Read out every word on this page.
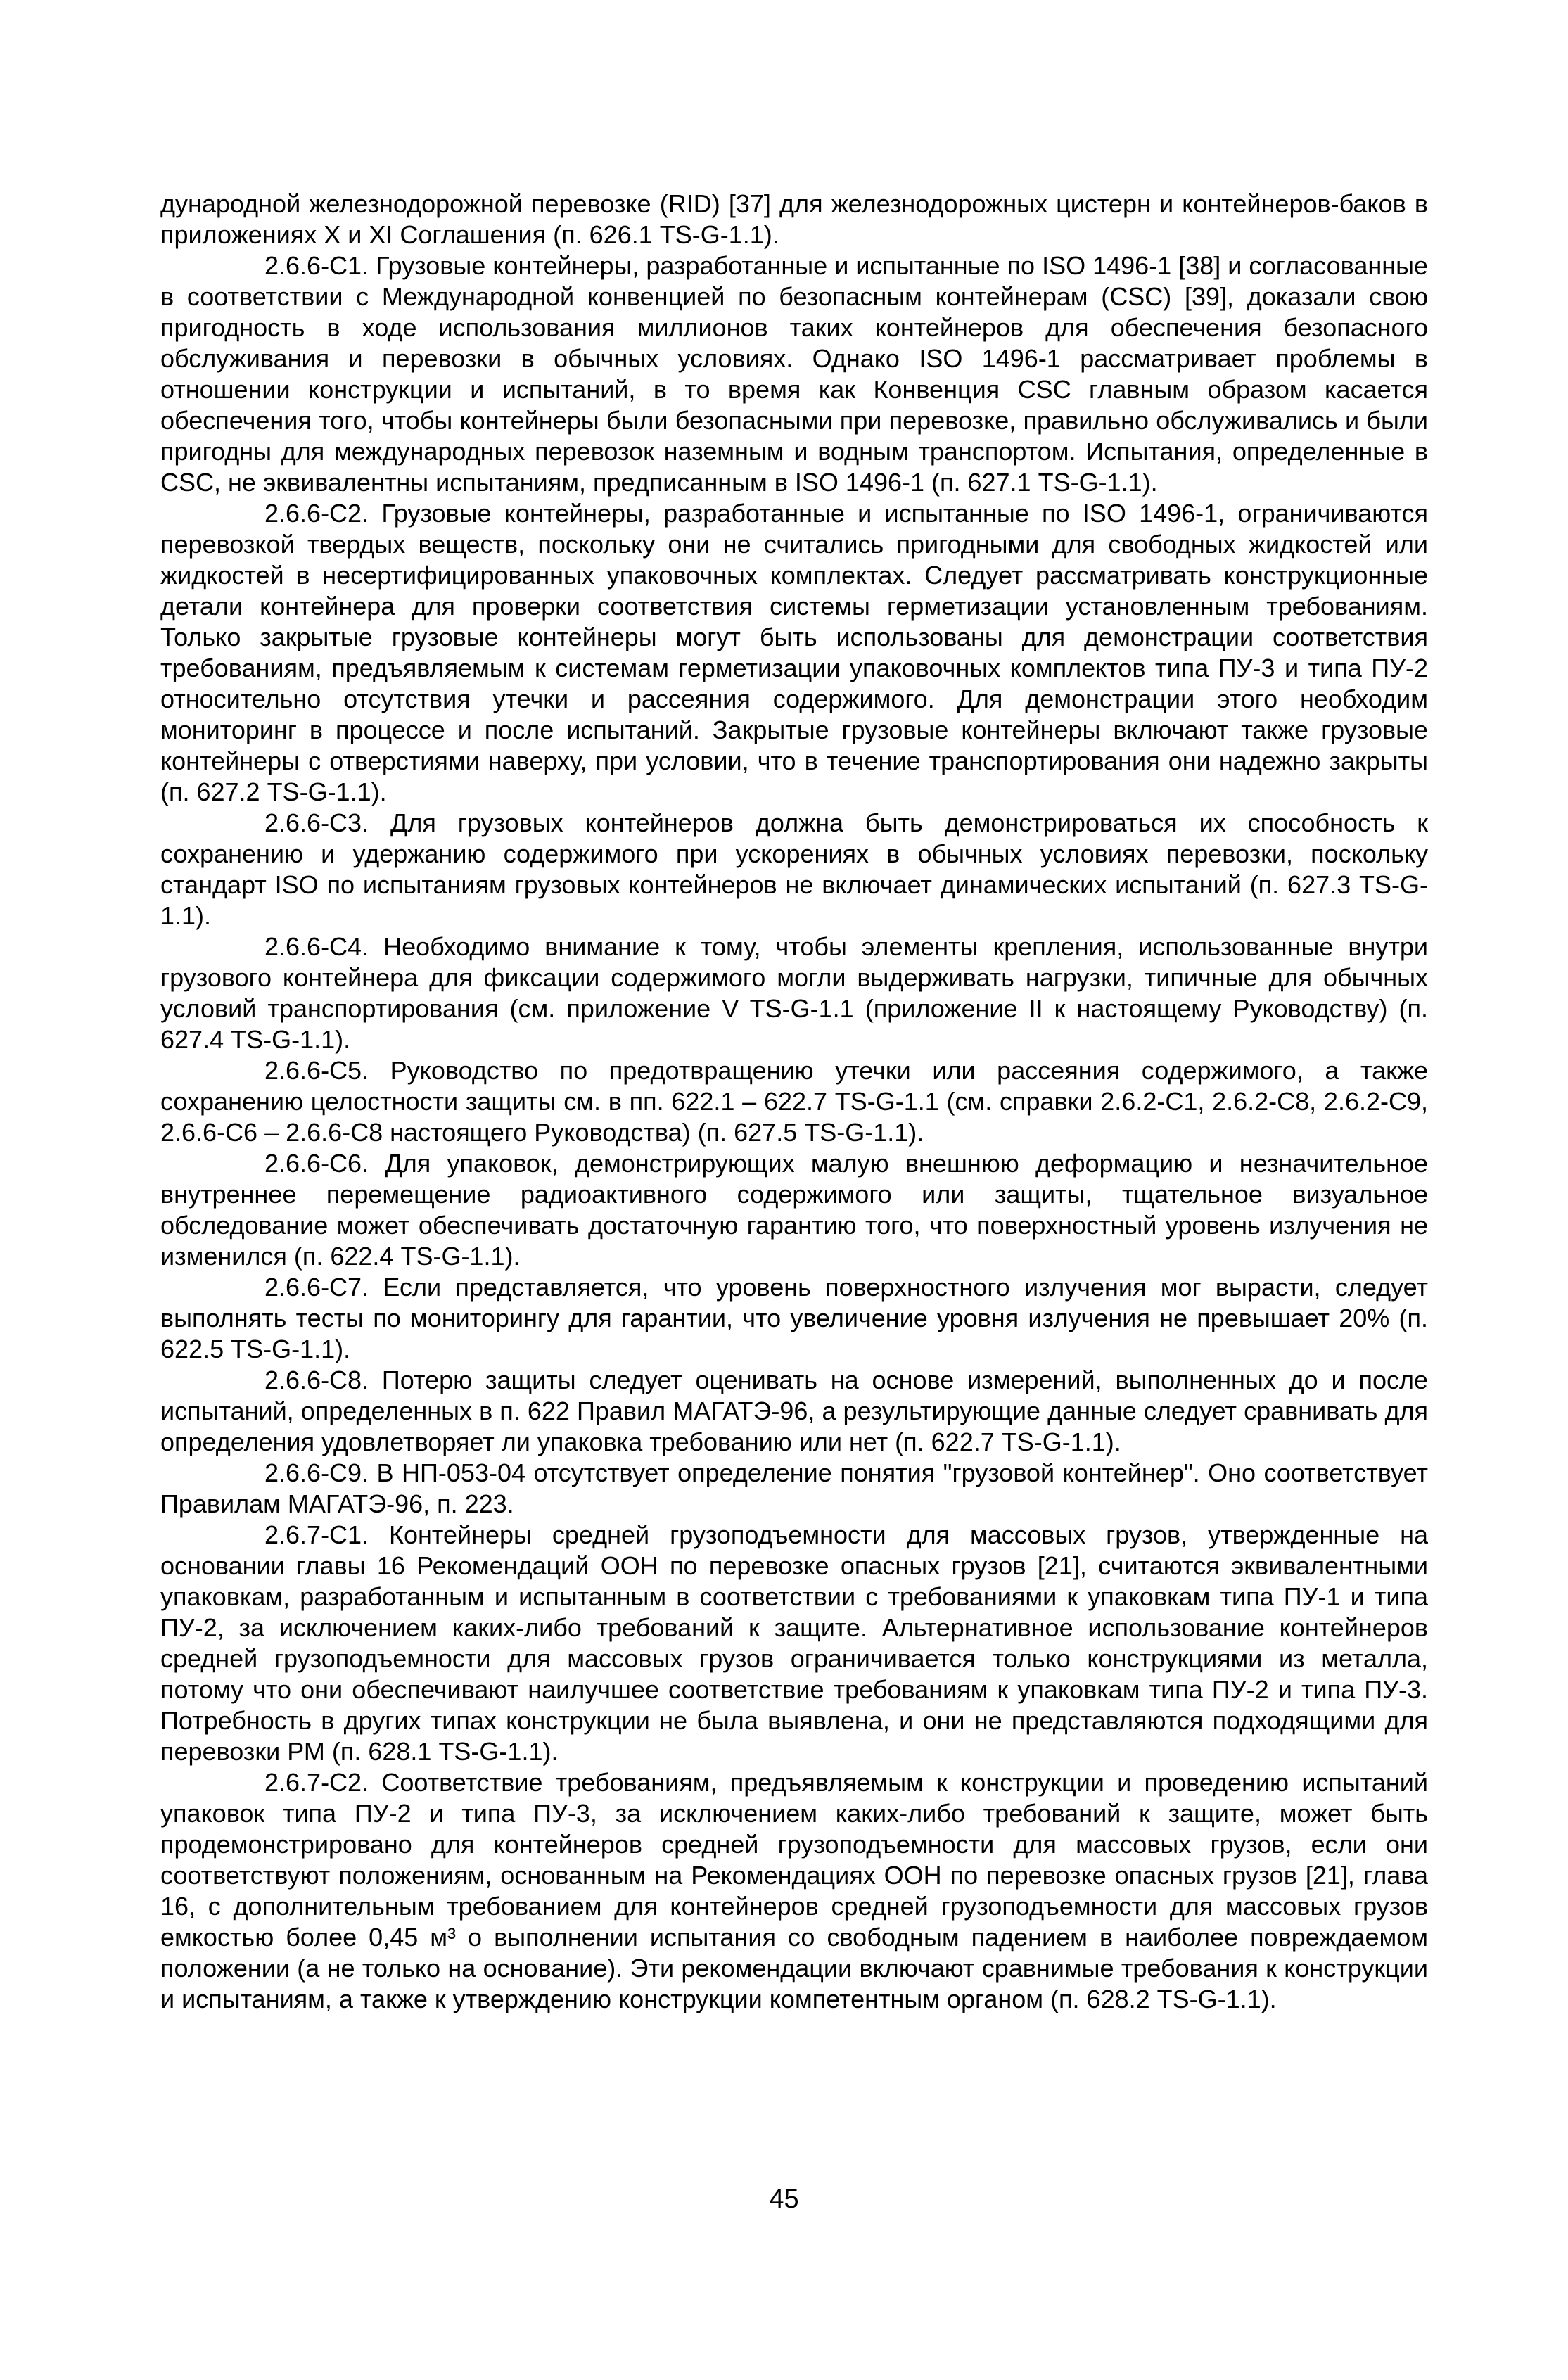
дународной железнодорожной перевозке (RID) [37] для железнодорожных цистерн и контейнеров-баков в приложениях X и XI Соглашения (п. 626.1 TS-G-1.1).

2.6.6-С1. Грузовые контейнеры, разработанные и испытанные по ISO 1496-1 [38] и согласованные в соответствии с Международной конвенцией по безопасным контейнерам (CSC) [39], доказали свою пригодность в ходе использования миллионов таких контейнеров для обеспечения безопасного обслуживания и перевозки в обычных условиях. Однако ISO 1496-1 рассматривает проблемы в отношении конструкции и испытаний, в то время как Конвенция CSC главным образом касается обеспечения того, чтобы контейнеры были безопасными при перевозке, правильно обслуживались и были пригодны для международных перевозок наземным и водным транспортом. Испытания, определенные в CSC, не эквивалентны испытаниям, предписанным в ISO 1496-1 (п. 627.1 TS-G-1.1).

2.6.6-С2. Грузовые контейнеры, разработанные и испытанные по ISO 1496-1, ограничиваются перевозкой твердых веществ, поскольку они не считались пригодными для свободных жидкостей или жидкостей в несертифицированных упаковочных комплектах. Следует рассматривать конструкционные детали контейнера для проверки соответствия системы герметизации установленным требованиям. Только закрытые грузовые контейнеры могут быть использованы для демонстрации соответствия требованиям, предъявляемым к системам герметизации упаковочных комплектов типа ПУ-3 и типа ПУ-2 относительно отсутствия утечки и рассеяния содержимого. Для демонстрации этого необходим мониторинг в процессе и после испытаний. Закрытые грузовые контейнеры включают также грузовые контейнеры с отверстиями наверху, при условии, что в течение транспортирования они надежно закрыты (п. 627.2 TS-G-1.1).

2.6.6-С3. Для грузовых контейнеров должна быть демонстрироваться их способность к сохранению и удержанию содержимого при ускорениях в обычных условиях перевозки, поскольку стандарт ISO по испытаниям грузовых контейнеров не включает динамических испытаний (п. 627.3 TS-G-1.1).

2.6.6-С4. Необходимо внимание к тому, чтобы элементы крепления, использованные внутри грузового контейнера для фиксации содержимого могли выдерживать нагрузки, типичные для обычных условий транспортирования (см. приложение V TS-G-1.1 (приложение II к настоящему Руководству) (п. 627.4 TS-G-1.1).

2.6.6-С5. Руководство по предотвращению утечки или рассеяния содержимого, а также сохранению целостности защиты см. в пп. 622.1 – 622.7 TS-G-1.1 (см. справки 2.6.2-С1, 2.6.2-С8, 2.6.2-С9, 2.6.6-С6 – 2.6.6-С8 настоящего Руководства) (п. 627.5 TS-G-1.1).

2.6.6-С6. Для упаковок, демонстрирующих малую внешнюю деформацию и незначительное внутреннее перемещение радиоактивного содержимого или защиты, тщательное визуальное обследование может обеспечивать достаточную гарантию того, что поверхностный уровень излучения не изменился (п. 622.4 TS-G-1.1).

2.6.6-С7. Если представляется, что уровень поверхностного излучения мог вырасти, следует выполнять тесты по мониторингу для гарантии, что увеличение уровня излучения не превышает 20% (п. 622.5 TS-G-1.1).

2.6.6-С8. Потерю защиты следует оценивать на основе измерений, выполненных до и после испытаний, определенных в п. 622 Правил МАГАТЭ-96, а результирующие данные следует сравнивать для определения удовлетворяет ли упаковка требованию или нет (п. 622.7 TS-G-1.1).

2.6.6-С9. В НП-053-04 отсутствует определение понятия "грузовой контейнер". Оно соответствует Правилам МАГАТЭ-96, п. 223.

2.6.7-С1. Контейнеры средней грузоподъемности для массовых грузов, утвержденные на основании главы 16 Рекомендаций ООН по перевозке опасных грузов [21], считаются эквивалентными упаковкам, разработанным и испытанным в соответствии с требованиями к упаковкам типа ПУ-1 и типа ПУ-2, за исключением каких-либо требований к защите. Альтернативное использование контейнеров средней грузоподъемности для массовых грузов ограничивается только конструкциями из металла, потому что они обеспечивают наилучшее соответствие требованиям к упаковкам типа ПУ-2 и типа ПУ-3. Потребность в других типах конструкции не была выявлена, и они не представляются подходящими для перевозки РМ (п. 628.1 TS-G-1.1).

2.6.7-С2. Соответствие требованиям, предъявляемым к конструкции и проведению испытаний упаковок типа ПУ-2 и типа ПУ-3, за исключением каких-либо требований к защите, может быть продемонстрировано для контейнеров средней грузоподъемности для массовых грузов, если они соответствуют положениям, основанным на Рекомендациях ООН по перевозке опасных грузов [21], глава 16, с дополнительным требованием для контейнеров средней грузоподъемности для массовых грузов емкостью более 0,45 м³ о выполнении испытания со свободным падением в наиболее повреждаемом положении (а не только на основание). Эти рекомендации включают сравнимые требования к конструкции и испытаниям, а также к утверждению конструкции компетентным органом (п. 628.2 TS-G-1.1).

45
